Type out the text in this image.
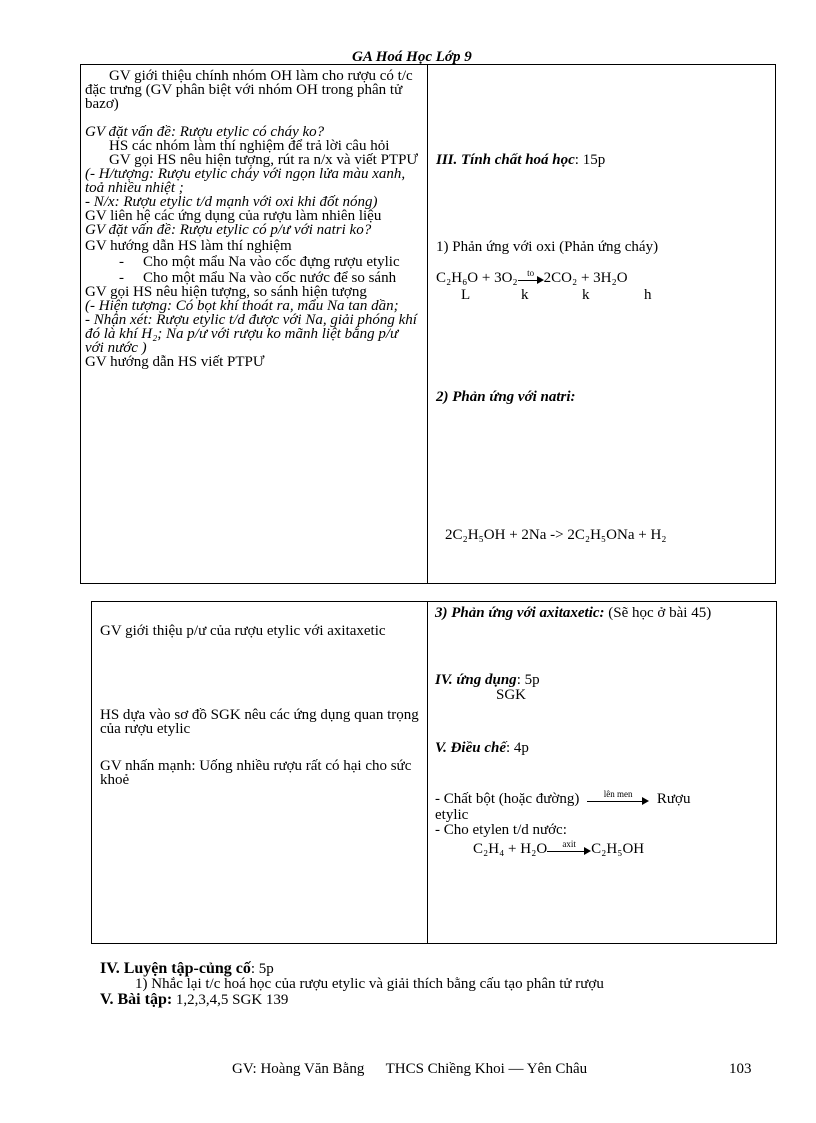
GA Hoá Học Lớp 9
GV giới thiệu chính nhóm OH làm cho rượu có t/c đặc trưng (GV phân biệt với nhóm OH trong phân tử bazơ)
GV đặt vấn đề: Rượu etylic có cháy ko?
HS các nhóm làm thí nghiệm để trả lời câu hỏi
GV gọi HS nêu hiện tượng, rút ra n/x và viết PTPƯ (- H/tượng: Rượu etylic cháy với ngọn lửa màu xanh, toả nhiều nhiệt ;
- N/x: Rượu etylic t/d mạnh với oxi khi đốt nóng)
GV liên hệ các ứng dụng của rượu làm nhiên liệu
GV đặt vấn đề: Rượu etylic có p/ư với natri ko?
GV hướng dẫn HS làm thí nghiệm
- Cho một mẩu Na vào cốc đựng rượu etylic
- Cho một mẩu Na vào cốc nước để so sánh
GV gọi HS nêu hiện tượng, so sánh hiện tượng
(- Hiện tượng: Có bọt khí thoát ra, mẩu Na tan dần;
- Nhận xét: Rượu etylic t/d được với Na, giải phóng khí đó là khí H₂; Na p/ư với rượu ko mãnh liệt bằng p/ư với nước )
GV hướng dẫn HS viết PTPƯ
III. Tính chất hoá học: 15p
1) Phản ứng với oxi (Phản ứng cháy)
C₂H₆O + 3O₂	to 2CO₂ + 3H₂O
L	k	k	h
2) Phản ứng với natri:
2C₂H₅OH + 2Na -> 2C₂H₅ONa + H₂
GV giới thiệu p/ư của rượu etylic với axitaxetic
HS dựa vào sơ đồ SGK nêu các ứng dụng quan trọng của rượu etylic
GV nhấn mạnh: Uống nhiều rượu rất có hại cho sức khoẻ
3) Phản ứng với axitaxetic: (Sẽ học ở bài 45)
IV. ứng dụng: 5p
SGK
V. Điều chế: 4p
- Chất bột (hoặc đường)	lên men	Rượu
etylic
- Cho etylen t/d nước:
C₂H₄ + H₂O	axit	C₂H₅OH
IV. Luyện tập-củng cố: 5p
1) Nhắc lại t/c hoá học của rượu etylic và giải thích bằng cấu tạo phân tử rượu
V. Bài tập: 1,2,3,4,5 SGK 139
GV: Hoàng Văn Bằng THCS Chiềng Khoi — Yên Châu	103
